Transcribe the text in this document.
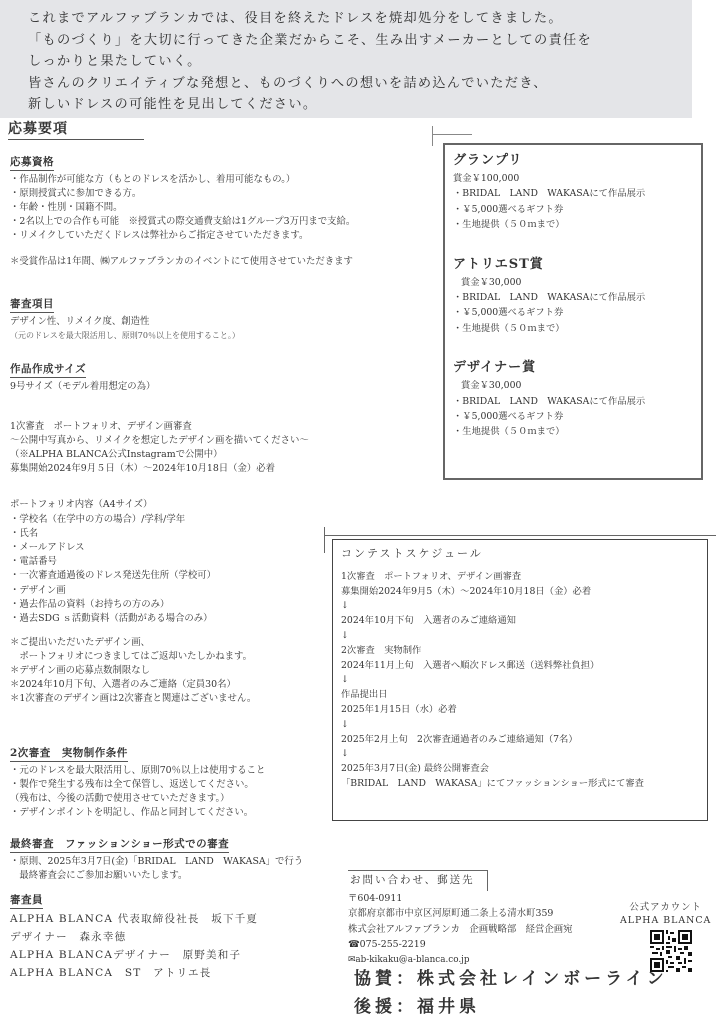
これまでアルファブランカでは、役目を終えたドレスを焼却処分をしてきました。

「ものづくり」を大切に行ってきた企業だからこそ、生み出すメーカーとしての責任を

しっかりと果たしていく。

皆さんのクリエイティブな発想と、ものづくりへの想いを詰め込んでいただき、

新しいドレスの可能性を見出してください。

応募要項

応募資格

・作品制作が可能な方（もとのドレスを活かし、着用可能なもの。）
・原則授賞式に参加できる方。
・年齢・性別・国籍不問。
・2名以上での合作も可能　※授賞式の際交通費支給は1グループ3万円まで支給。
・リメイクしていただくドレスは弊社からご指定させていただきます。

＊受賞作品は1年間、㈱アルファブランカのイベントにて使用させていただきます

審査項目

デザイン性、リメイク度、創造性

（元のドレスを最大限活用し、原則70％以上を使用すること。）

作品作成サイズ

9号サイズ（モデル着用想定の為）

1次審査　ポートフォリオ、デザイン画審査

～公開中写真から、リメイクを想定したデザイン画を描いてください～

（※ALPHA BLANCA公式Instagramで公開中）

募集開始2024年9月５日（木）～2024年10月18日（金）必着

ポートフォリオ内容（A4サイズ）

・学校名（在学中の方の場合）/学科/学年
・氏名
・メールアドレス
・電話番号
・一次審査通過後のドレス発送先住所（学校可）
・デザイン画
・過去作品の資料（お持ちの方のみ）
・過去SDG ｓ活動資料（活動がある場合のみ）

＊ご提出いただいたデザイン画、

　ポートフォリオにつきましてはご返却いたしかねます。

＊デザイン画の応募点数制限なし

＊2024年10月下旬、入選者のみご連絡（定員30名）

＊1次審査のデザイン画は2次審査と関連はございません。

2次審査　実物制作条件

・元のドレスを最大限活用し、原則70％以上は使用すること
・製作で発生する残布は全て保管し、返送してください。
（残布は、今後の活動で使用させていただきます。）
・デザインポイントを明記し、作品と同封してください。

最終審査　ファッションショー形式での審査

・原則、2025年3月7日(金)「BRIDAL　LAND　WAKASA」で行う
　最終審査会にご参加お願いいたします。

審査員

ALPHA BLANCA 代表取締役社長　坂下千夏

デザイナー　森永幸徳

ALPHA BLANCAデザイナー　原野美和子

ALPHA BLANCA　ST　アトリエ長

グランプリ

賞金￥100,000

・BRIDAL　LAND　WAKASAにて作品展示

・￥5,000選べるギフト券

・生地提供（５０ｍまで）

アトリエST賞

賞金￥30,000

・BRIDAL　LAND　WAKASAにて作品展示

・￥5,000選べるギフト券

・生地提供（５０ｍまで）

デザイナー賞

賞金￥30,000

・BRIDAL　LAND　WAKASAにて作品展示

・￥5,000選べるギフト券

・生地提供（５０ｍまで）

コンテストスケジュール

1次審査　ポートフォリオ、デザイン画審査

募集開始2024年9月5（木）～2024年10月18日（金）必着

↓

2024年10月下旬　入選者のみご連絡通知

↓

2次審査　実物制作

2024年11月上旬　入選者へ順次ドレス郵送（送料弊社負担）

↓

作品提出日

2025年1月15日（水）必着

↓

2025年2月上旬　2次審査通過者のみご連絡通知（7名）

↓

2025年3月7日(金) 最終公開審査会

「BRIDAL　LAND　WAKASA」にてファッションショー形式にて審査

お問い合わせ、郵送先

〒604-0911

京都府京都市中京区河原町通二条上る清水町359

株式会社アルファブランカ　企画戦略部　経営企画宛

☎075-255-2219

✉ab-kikaku@a-blanca.co.jp

公式アカウント

ALPHA BLANCA

協賛：株式会社レインボーライン

後援：福井県
